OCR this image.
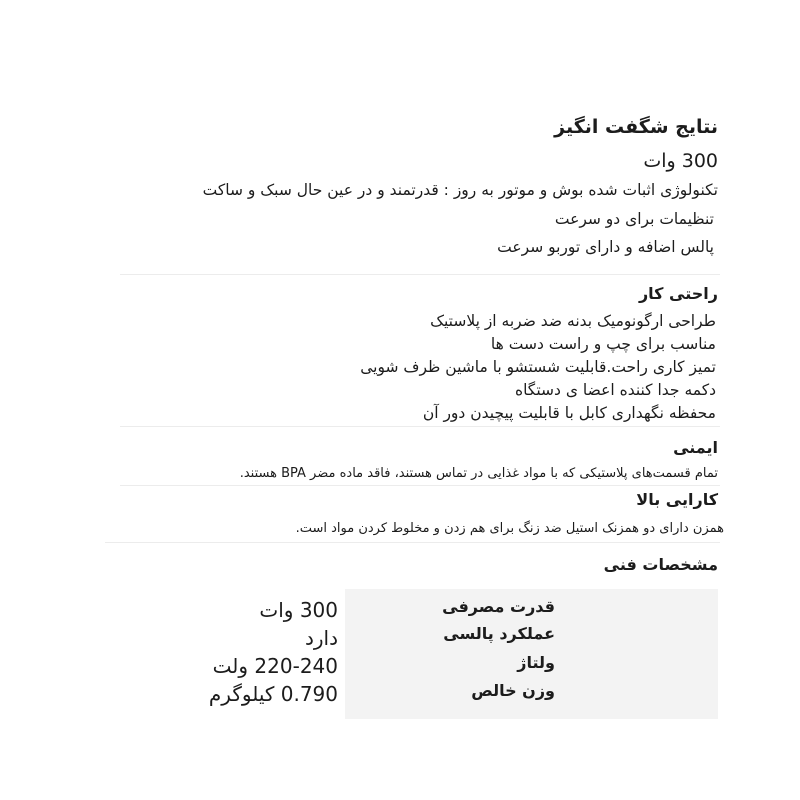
نتایج شگفت انگیز
300 وات
تکنولوژی اثبات شده بوش و موتور به روز : قدرتمند و در عین حال سبک و ساکت
تنظیمات برای دو سرعت
پالس اضافه و دارای توربو سرعت
راحتی کار
طراحی ارگونومیک بدنه ضد ضربه از پلاستیک
مناسب برای چپ و راست دست ها
تمیز کاری راحت.قابلیت شستشو با ماشین ظرف شویی
دکمه جدا کننده اعضا ی دستگاه
محفظه نگهداری کابل با قابلیت پیچیدن دور آن
ایمنی
تمام قسمت‌های پلاستیکی که با مواد غذایی در تماس هستند، فاقد ماده مضر BPA هستند.
کارایی بالا
همزن دارای دو همزنک استیل ضد زنگ برای هم زدن و مخلوط کردن مواد است.
مشخصات فنی
قدرت مصرفی
عملکرد پالسی
ولتاژ
وزن خالص
300 وات
دارد
220-240 ولت
0.790 کیلوگرم
